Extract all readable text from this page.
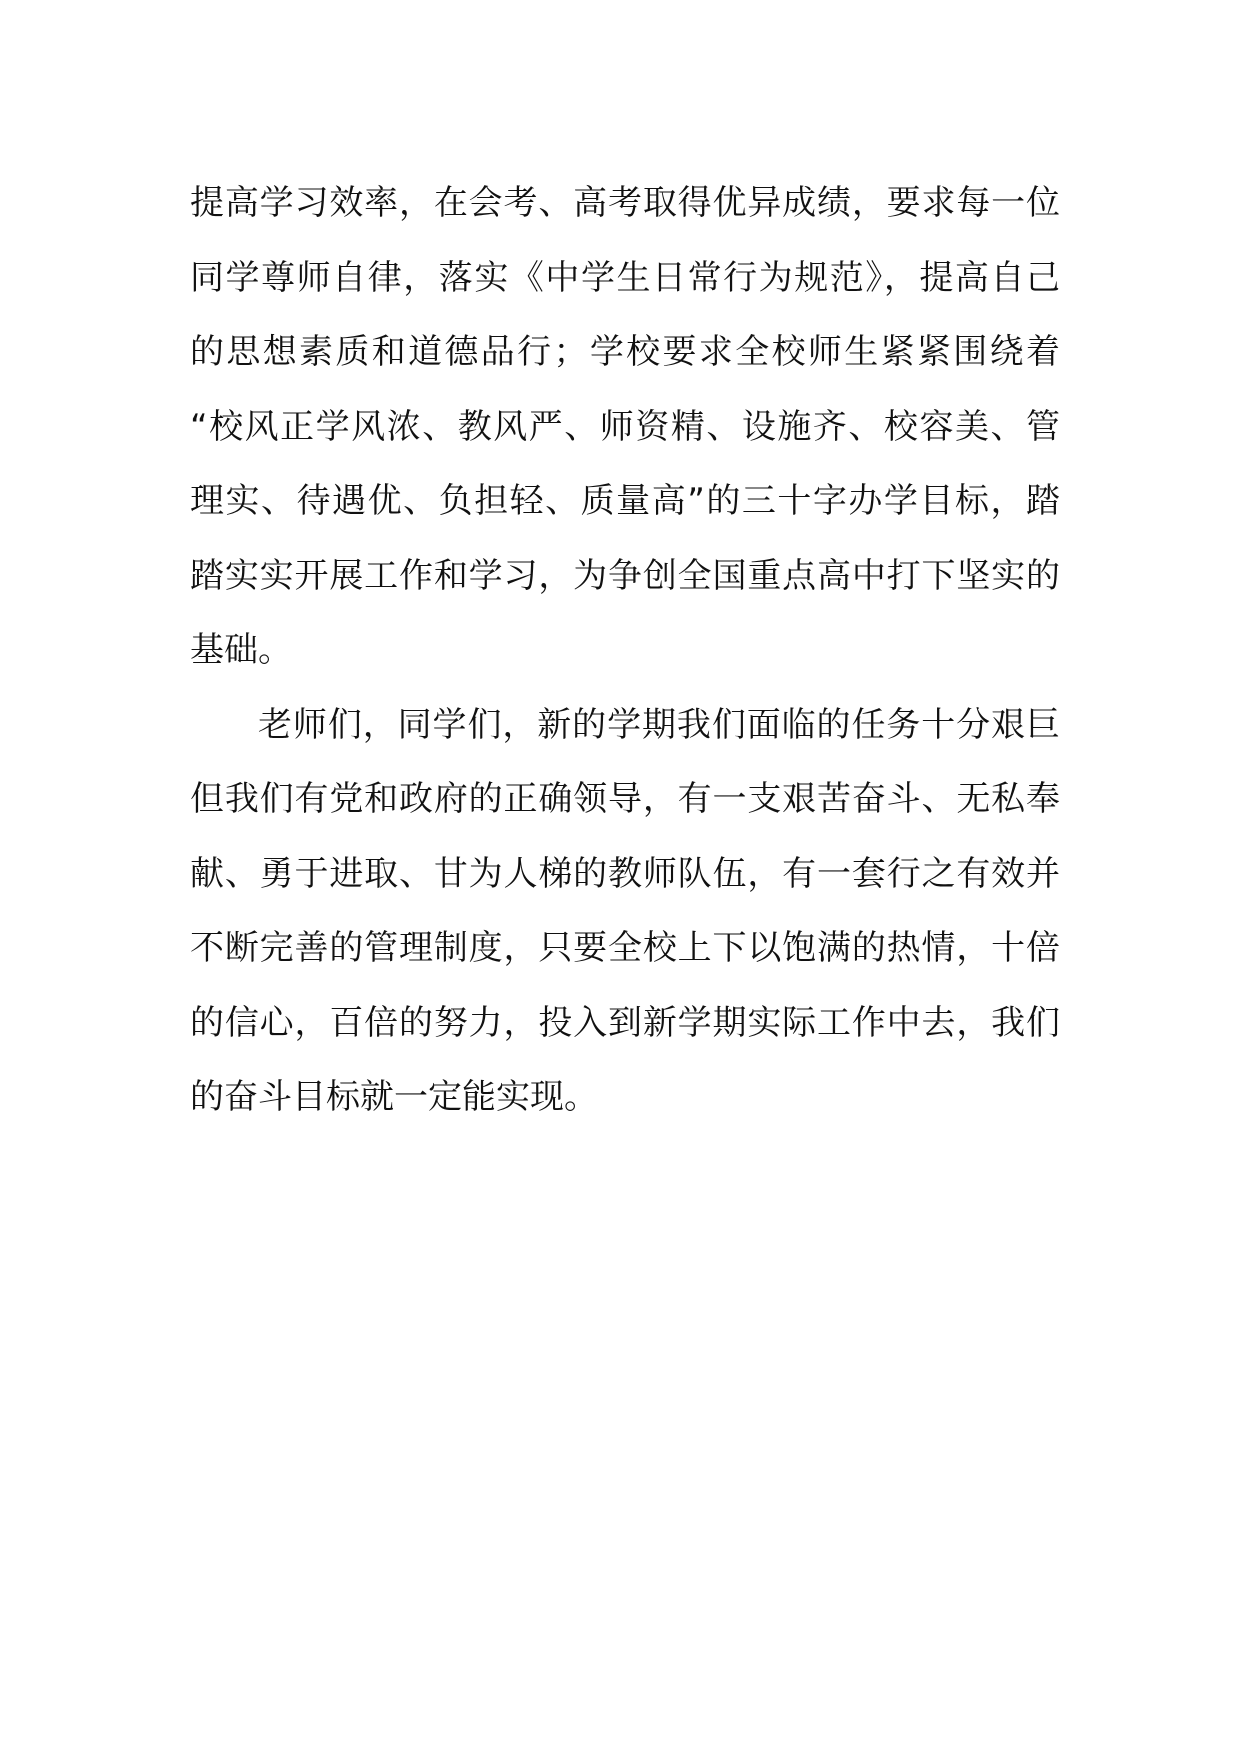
提高学习效率，在会考、高考取得优异成绩，要求每一位
同学尊师自律，落实《中学生日常行为规范》，提高自己
的思想素质和道德品行；学校要求全校师生紧紧围绕着
“校风正学风浓、教风严、师资精、设施齐、校容美、管
理实、待遇优、负担轻、质量高”的三十字办学目标，踏
踏实实开展工作和学习，为争创全国重点高中打下坚实的
基础。
老师们，同学们，新的学期我们面临的任务十分艰巨
但我们有党和政府的正确领导，有一支艰苦奋斗、无私奉
献、勇于进取、甘为人梯的教师队伍，有一套行之有效并
不断完善的管理制度，只要全校上下以饱满的热情，十倍
的信心，百倍的努力，投入到新学期实际工作中去，我们
的奋斗目标就一定能实现。
